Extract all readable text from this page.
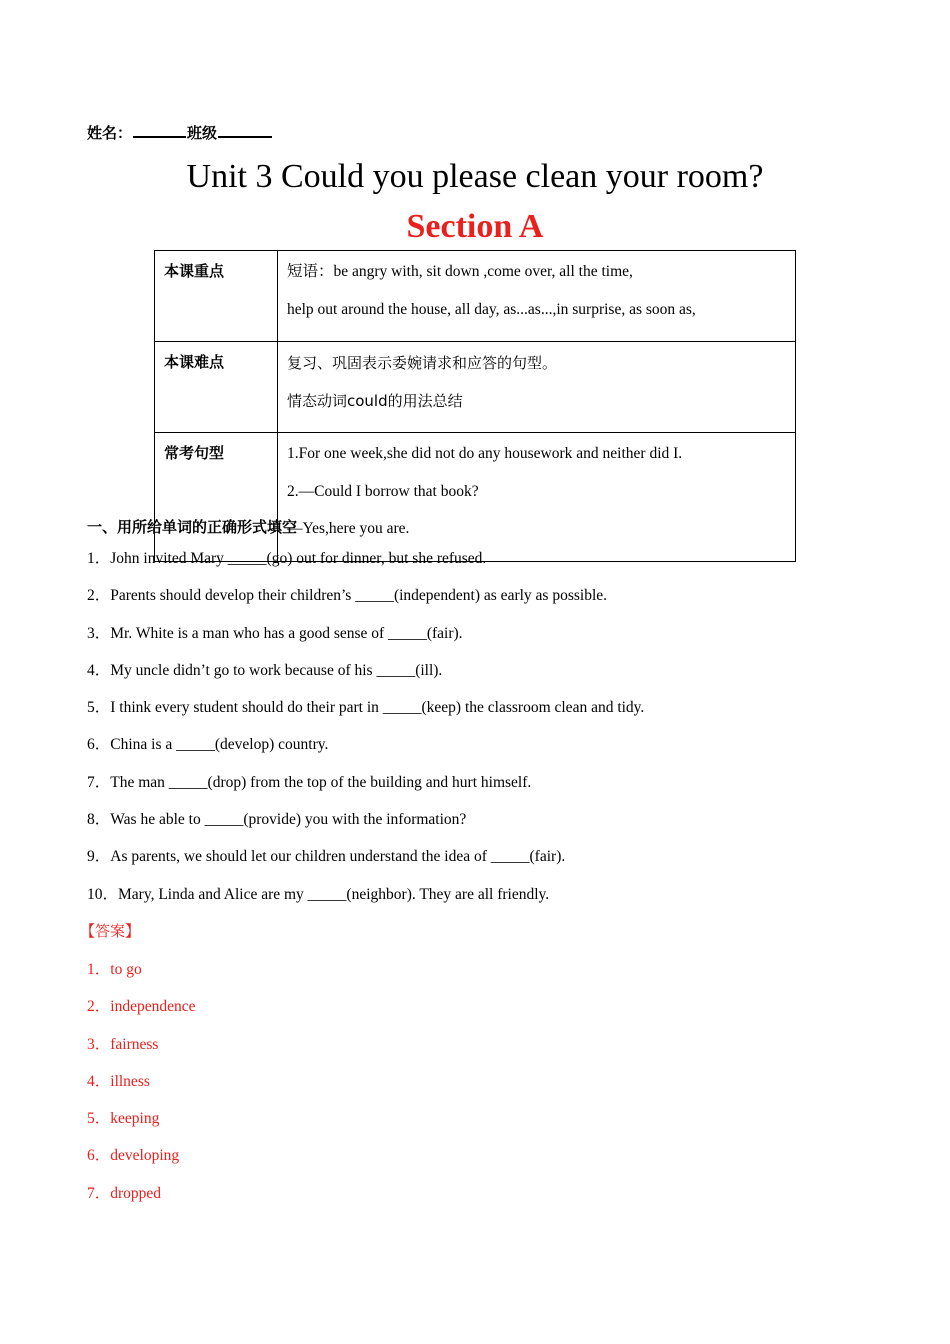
姓名：	班级
Unit 3 Could you please clean your room?
Section A
本课重点	短语：be angry with, sit down ,come over, all the time,
help out around the house, all day, as...as...,in surprise, as soon as,

本课难点	复习、巩固表示委婉请求和应答的句型。
情态动词could的用法总结

常考句型	1.For one week,she did not do any housework and neither did I.
2.—Could I borrow that book?
—Yes,here you are.
一、用所给单词的正确形式填空
1．John invited Mary _____(go) out for dinner, but she refused.
2．Parents should develop their children’s _____(independent) as early as possible.
3．Mr. White is a man who has a good sense of _____(fair).
4．My uncle didn’t go to work because of his _____(ill).
5．I think every student should do their part in _____(keep) the classroom clean and tidy.
6．China is a _____(develop) country.
7．The man _____(drop) from the top of the building and hurt himself.
8．Was he able to _____(provide) you with the information?
9．As parents, we should let our children understand the idea of _____(fair).
10．Mary, Linda and Alice are my _____(neighbor). They are all friendly.
【答案】
1．to go
2．independence
3．fairness
4．illness
5．keeping
6．developing
7．dropped
